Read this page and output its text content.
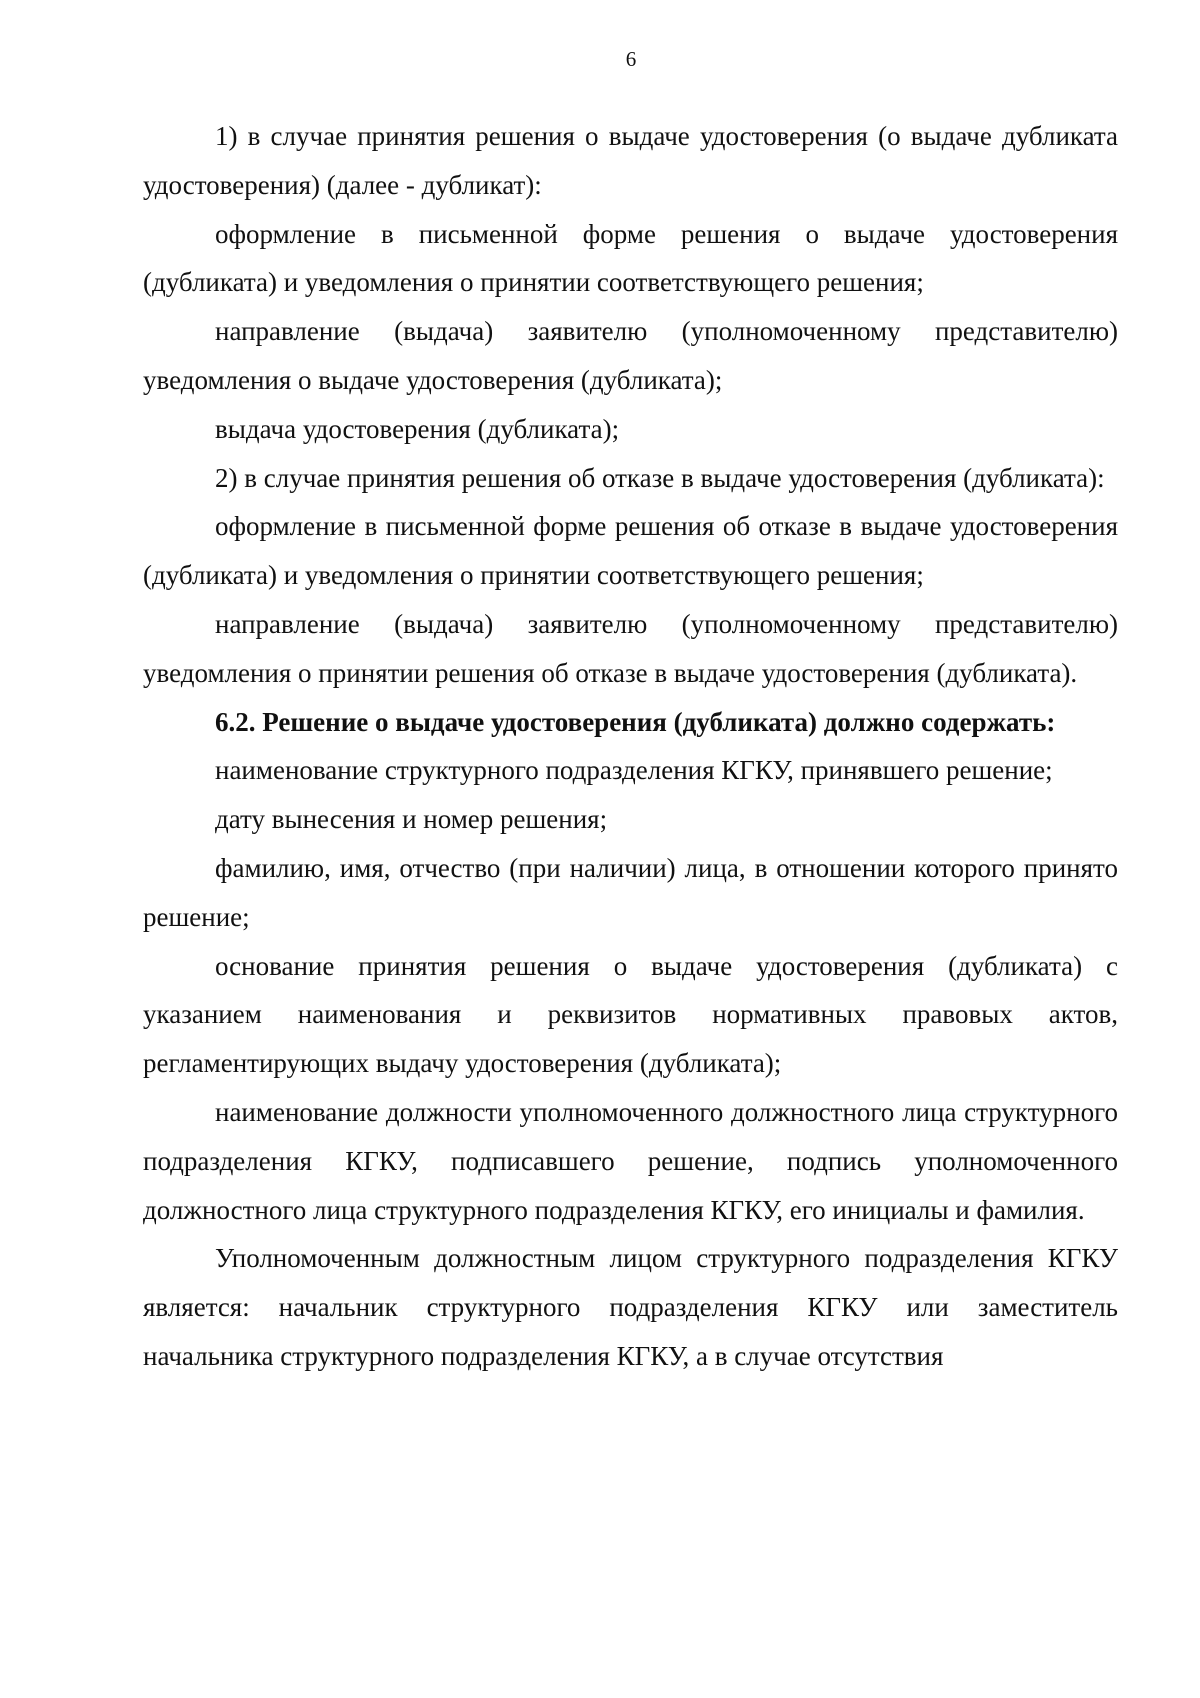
6

1) в случае принятия решения о выдаче удостоверения (о выдаче дубликата удостоверения) (далее - дубликат):

оформление в письменной форме решения о выдаче удостоверения (дубликата) и уведомления о принятии соответствующего решения;

направление (выдача) заявителю (уполномоченному представителю) уведомления о выдаче удостоверения (дубликата);

выдача удостоверения (дубликата);

2) в случае принятия решения об отказе в выдаче удостоверения (дубликата):

оформление в письменной форме решения об отказе в выдаче удостоверения (дубликата) и уведомления о принятии соответствующего решения;

направление (выдача) заявителю (уполномоченному представителю) уведомления о принятии решения об отказе в выдаче удостоверения (дубликата).

6.2. Решение о выдаче удостоверения (дубликата) должно содержать:

наименование структурного подразделения КГКУ, принявшего решение;

дату вынесения и номер решения;

фамилию, имя, отчество (при наличии) лица, в отношении которого принято решение;

основание принятия решения о выдаче удостоверения (дубликата) с указанием наименования и реквизитов нормативных правовых актов, регламентирующих выдачу удостоверения (дубликата);

наименование должности уполномоченного должностного лица структурного подразделения КГКУ, подписавшего решение, подпись уполномоченного должностного лица структурного подразделения КГКУ, его инициалы и фамилия.

Уполномоченным должностным лицом структурного подразделения КГКУ является: начальник структурного подразделения КГКУ или заместитель начальника структурного подразделения КГКУ, а в случае отсутствия
